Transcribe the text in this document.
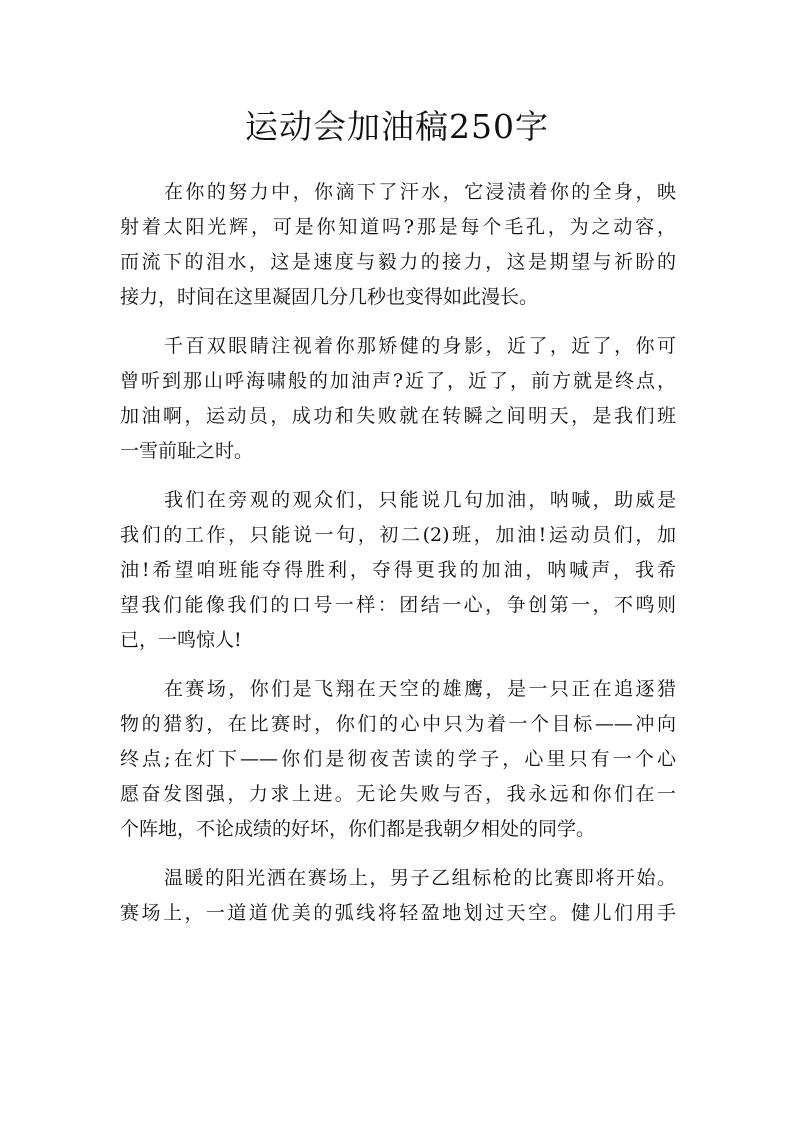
运动会加油稿250字
在你的努力中，你滴下了汗水，它浸渍着你的全身，映
射着太阳光辉，可是你知道吗?那是每个毛孔，为之动容，
而流下的泪水，这是速度与毅力的接力，这是期望与祈盼的
接力，时间在这里凝固几分几秒也变得如此漫长。
千百双眼睛注视着你那矫健的身影，近了，近了，你可
曾听到那山呼海啸般的加油声?近了，近了，前方就是终点，
加油啊，运动员，成功和失败就在转瞬之间明天，是我们班
一雪前耻之时。
我们在旁观的观众们，只能说几句加油，呐喊，助威是
我们的工作，只能说一句，初二(2)班，加油!运动员们，加
油!希望咱班能夺得胜利，夺得更我的加油，呐喊声，我希
望我们能像我们的口号一样：团结一心，争创第一，不鸣则
已，一鸣惊人!
在赛场，你们是飞翔在天空的雄鹰，是一只正在追逐猎
物的猎豹，在比赛时，你们的心中只为着一个目标——冲向
终点;在灯下——你们是彻夜苦读的学子，心里只有一个心
愿奋发图强，力求上进。无论失败与否，我永远和你们在一
个阵地，不论成绩的好坏，你们都是我朝夕相处的同学。
温暖的阳光洒在赛场上，男子乙组标枪的比赛即将开始。
赛场上，一道道优美的弧线将轻盈地划过天空。健儿们用手
